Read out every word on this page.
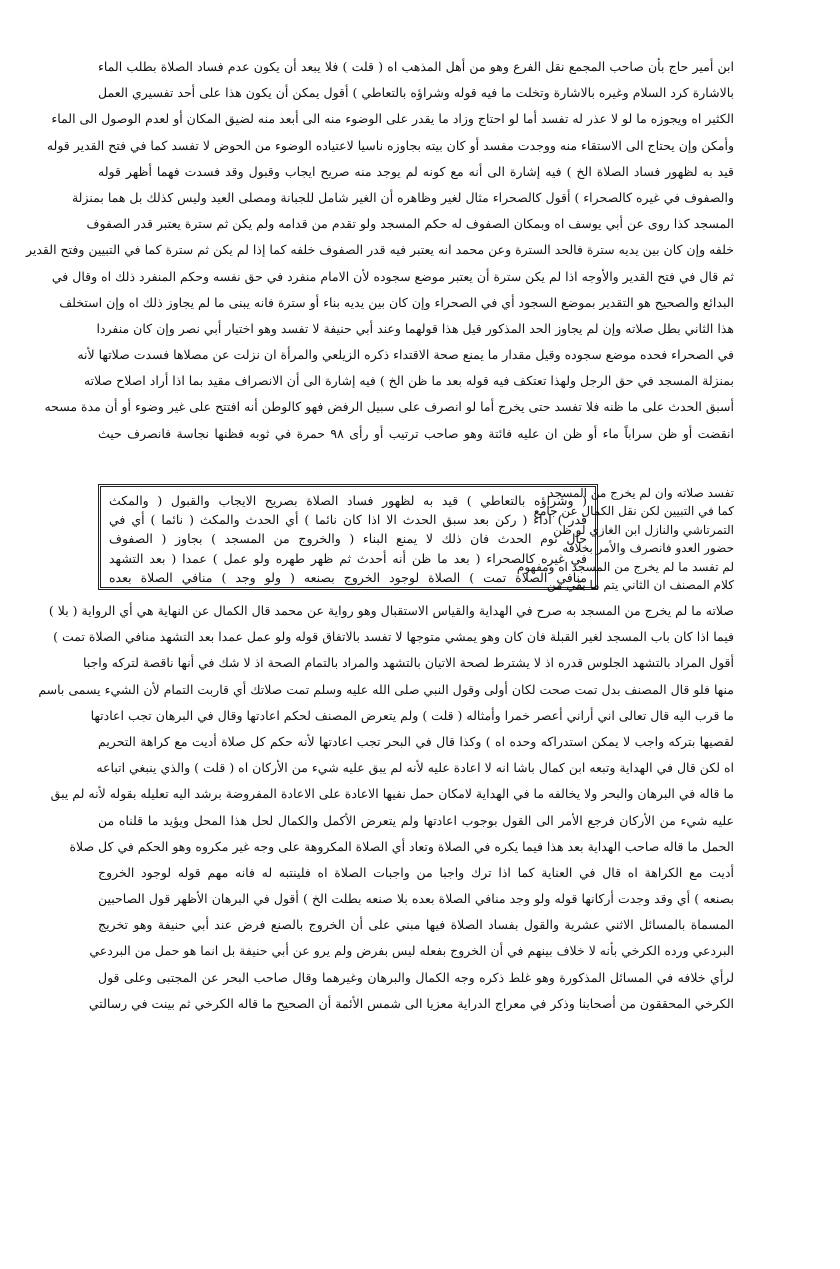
ابن أمير حاج بأن صاحب المجمع نقل الفرع وهو من أهل المذهب اه ( قلت ) فلا يبعد أن يكون عدم فساد الصلاة بطلب الماء
بالاشارة كرد السلام وغيره بالاشارة وتخلت ما فيه قوله وشراؤه بالتعاطي ) أقول يمكن أن يكون هذا على أحد تفسيري العمل
الكثير اه ويجوزه ما لو لا عذر له تفسد أما لو احتاج وزاد ما يقدر على الوضوء منه الى أبعد منه لضيق المكان أو لعدم الوصول الى الماء
وأمكن وإن يحتاج الى الاستقاء منه ووجدت مفسد أو كان بيته بجاوزه ناسيا لاعتياده الوضوء من الحوض لا تفسد كما في فتح القدير قوله
قيد به لظهور فساد الصلاة الخ ) فيه إشارة الى أنه مع كونه لم يوجد منه صريح ايجاب وقبول وقد فسدت فهما أظهر قوله
والصفوف في غيره كالصحراء ) أقول كالصحراء مثال لغير وظاهره أن الغير شامل للجبانة ومصلى العيد وليس كذلك بل هما بمنزلة
المسجد كذا روى عن أبي يوسف اه وبمكان الصفوف له حكم المسجد ولو تقدم من قدامه ولم يكن ثم سترة يعتبر قدر الصفوف
خلفه وإن كان بين يديه سترة فالحد السترة وعن محمد انه يعتبر فيه قدر الصفوف خلفه كما إذا لم يكن ثم سترة كما في التبيين وفتح القدير
ثم قال في فتح القدير والأوجه اذا لم يكن سترة أن يعتبر موضع سجوده لأن الامام منفرد في حق نفسه وحكم المنفرد ذلك اه وقال في
البدائع والصحيح هو التقدير بموضع السجود أي في الصحراء وإن كان بين يديه بناء أو سترة فانه يبنى ما لم يجاوز ذلك اه وإن استخلف
هذا الثاني بطل صلاته وإن لم يجاوز الحد المذكور قيل هذا قولهما وعند أبي حنيفة لا تفسد وهو اختيار أبي نصر وإن كان منفردا
في الصحراء فحده موضع سجوده وقيل مقدار ما يمنع صحة الاقتداء ذكره الزيلعي والمرأة ان نزلت عن مصلاها فسدت صلاتها لأنه
بمنزلة المسجد في حق الرجل ولهذا تعتكف فيه قوله بعد ما ظن الخ ) فيه إشارة الى أن الانصراف مقيد بما اذا أراد اصلاح صلاته
أسبق الحدث على ما ظنه فلا تفسد حتى يخرج أما لو انصرف على سبيل الرفض فهو كالوطن أنه افتتح على غير وضوء أو أن مدة مسحه
انقضت أو ظن سراباً ماء أو ظن ان عليه فائتة وهو صاحب ترتيب أو رأى ٩٨ حمرة في ثوبه فظنها نجاسة فانصرف حيث
( وشراؤه بالتعاطي ) قيد به لظهور فساد الصلاة بصريح الايجاب والقبول ( والمكث
قدر ) اداء ( ركن بعد سبق الحدث الا اذا كان نائما ) أي الحدث والمكث ( نائما ) أي في
حال نوم الحدث فان ذلك لا يمنع البناء ( والخروج من المسجد ) بجاوز ( الصفوف
في غيره كالصحراء ( بعد ما ظن أنه أحدث ثم ظهر طهره ولو عمل ) عمدا ( بعد التشهد
منافي الصلاة تمت ) الصلاة لوجود الخروج بصنعه ( ولو وجد ) منافي الصلاة بعده
تفسد صلاته وان لم يخرج من المسجد
كما في التبيين لكن نقل الكمال عن جامع
التمرتاشي والنازل ابن الغازي لو ظن
حضور العدو فانصرف والأمر بخلافه
لم تفسد ما لم يخرج من المسجد اه ومفهوم
كلام المصنف ان الثاني يتم ما بقي من
صلاته ما لم يخرج من المسجد به صرح في الهداية والقياس الاستقبال وهو رواية عن محمد قال الكمال عن النهاية هي أي الرواية ( بلا )
فيما اذا كان باب المسجد لغير القبلة فان كان وهو يمشي متوجها لا تفسد بالاتفاق قوله ولو عمل عمدا بعد التشهد منافي الصلاة تمت )
أقول المراد بالتشهد الجلوس قدره اذ لا يشترط لصحة الاتيان بالتشهد والمراد بالتمام الصحة اذ لا شك في أنها ناقصة لتركه واجبا
منها فلو قال المصنف بدل تمت صحت لكان أولى وقول النبي صلى الله عليه وسلم تمت صلاتك أي قاربت التمام لأن الشيء يسمى باسم
ما قرب اليه قال تعالى اني أراني أعصر خمرا وأمثاله ( قلت ) ولم يتعرض المصنف لحكم اعادتها وقال في البرهان تجب اعادتها
لقصيها بتركه واجب لا يمكن استدراكه وحده اه ) وكذا قال في البحر تجب اعادتها لأنه حكم كل صلاة أديت مع كراهة التحريم
اه لكن قال في الهداية وتبعه ابن كمال باشا انه لا اعادة عليه لأنه لم يبق عليه شيء من الأركان اه ( قلت ) والذي ينبغي اتباعه
ما قاله في البرهان والبحر ولا يخالفه ما في الهداية لامكان حمل نفيها الاعادة على الاعادة المفروضة برشد اليه تعليله بقوله لأنه لم يبق
عليه شيء من الأركان فرجع الأمر الى القول بوجوب اعادتها ولم يتعرض الأكمل والكمال لحل هذا المحل ويؤيد ما قلناه من
الحمل ما قاله صاحب الهداية بعد هذا فيما يكره في الصلاة وتعاد أي الصلاة المكروهة على وجه غير مكروه وهو الحكم في كل صلاة
أديت مع الكراهة اه قال في العناية كما اذا ترك واجبا من واجبات الصلاة اه فلينتبه له فانه مهم قوله لوجود الخروج
بصنعه ) أي وقد وجدت أركانها قوله ولو وجد منافي الصلاة بعده بلا صنعه بطلت الخ ) أقول في البرهان الأظهر قول الصاحبين
المسماة بالمسائل الاثني عشرية والقول بفساد الصلاة فيها مبني على أن الخروج بالصنع فرض عند أبي حنيفة وهو تخريج
البردعي ورده الكرخي بأنه لا خلاف بينهم في أن الخروج بفعله ليس بفرض ولم يرو عن أبي حنيفة بل انما هو حمل من البردعي
لرأي خلافه في المسائل المذكورة وهو غلط ذكره وجه الكمال والبرهان وغيرهما وقال صاحب البحر عن المجتبى وعلى قول
الكرخي المحققون من أصحابنا وذكر في معراج الدراية معزيا الى شمس الأئمة أن الصحيح ما قاله الكرخي ثم بينت في رسالتي
